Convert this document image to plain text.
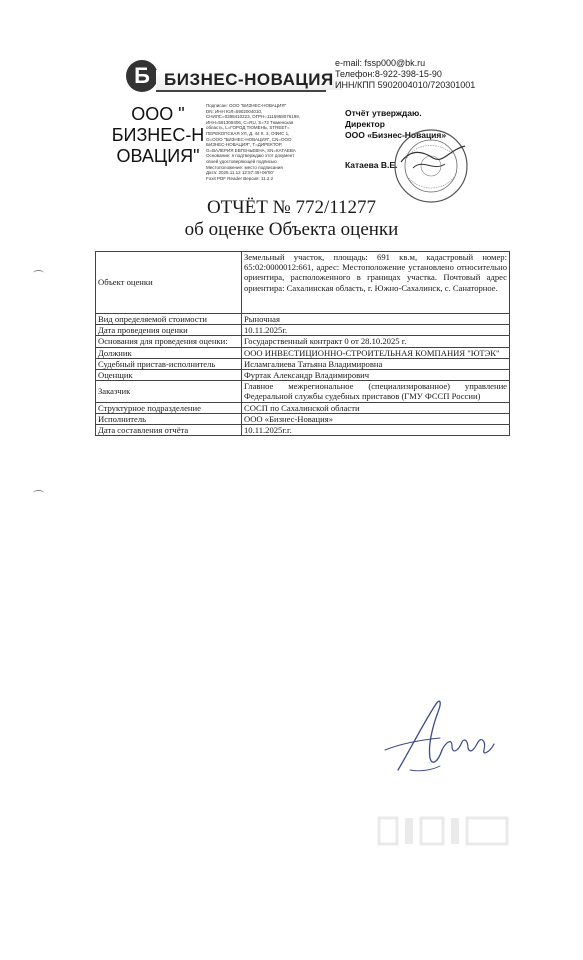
Б БИЗНЕС-НОВАЦИЯ
e-mail: fssp000@bk.ru
Телефон:8-922-398-15-90
ИНН/КПП 5902004010/720301001
ООО "
БИЗНЕС-Н
ОВАЦИЯ"
Подписан: ООО "БИЗНЕС-НОВАЦИЯ"
DN: ИНН ЮЛ=5902004010,
СНИЛС=0398410223, ОГРН=1115958076199,
ИНН=591309406, С=RU, S=72 Тюменская
область, L=ГОРОД ТЮМЕНЬ, STREET=
ПЕРЕКОПСКАЯ УЛ, Д. 44 К. 3, ОФИС 1,
O=ООО "БИЗНЕС-НОВАЦИЯ", CN=ООО
БИЗНЕС-НОВАЦИЯ", T=ДИРЕКТОР,
G=ВАЛЕРИЯ ЕВГЕНЬЕВНА, SN=КАТАЕВА
Основание: я подтверждаю этот документ
своей удостоверяющей подписью
Местоположение: место подписания
Дата: 2025.11.12 12:57:46+06'00'
Foxit PDF Reader Версия: 11.2.2
Отчёт утверждаю.
Директор
ООО «Бизнес-Новация»
Катаева В.Е.
ОТЧЁТ № 772/11277
об оценке Объекта оценки
Объект оценки	Земельный участок, площадь: 691 кв.м, кадастровый номер: 65:02:0000012:661, адрес: Местоположение установлено относительно ориентира, расположенного в границах участка. Почтовый адрес ориентира: Сахалинская область, г. Южно-Сахалинск, с. Санаторное.
Вид определяемой стоимости	Рыночная
Дата проведения оценки	10.11.2025г.
Основания для проведения оценки:	Государственный контракт 0 от 28.10.2025 г.
Должник	ООО ИНВЕСТИЦИОННО-СТРОИТЕЛЬНАЯ КОМПАНИЯ "ЮТЭК"
Судебный пристав-исполнитель	Исламгалиева Татьяна Владимировна
Оценщик	Фуртак Александр Владимирович
Заказчик	Главное межрегиональное (специализированное) управление Федеральной службы судебных приставов (ГМУ ФССП России)
Структурное подразделение	СОСП по Сахалинской области
Исполнитель	ООО «Бизнес-Новация»
Дата составления отчёта	10.11.2025г.г.
